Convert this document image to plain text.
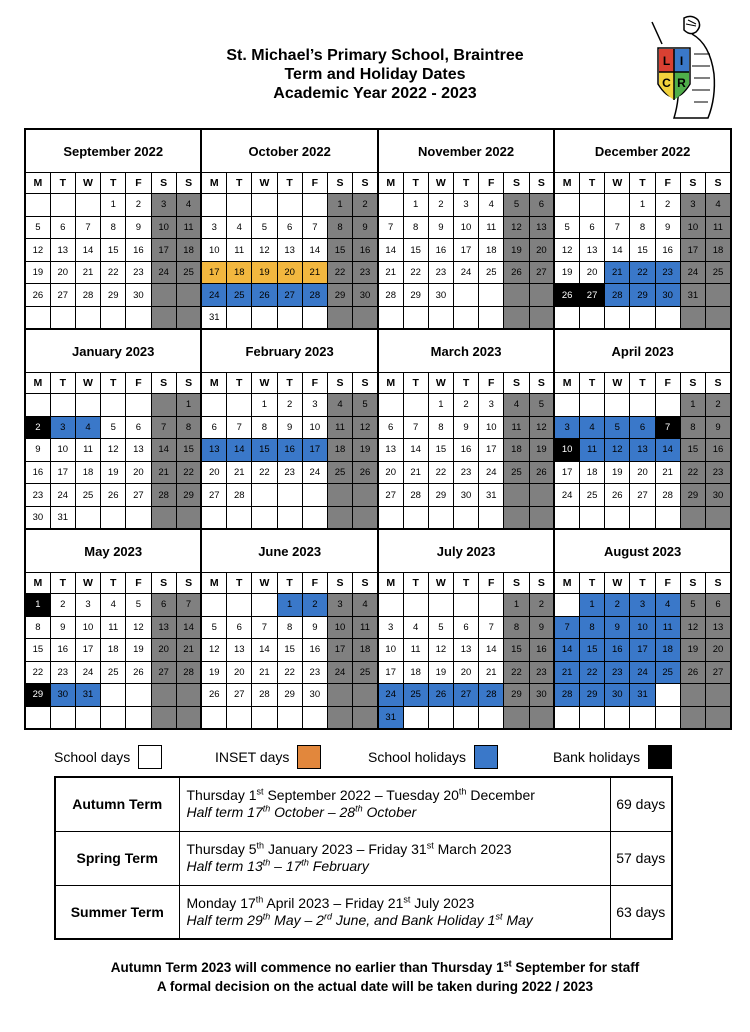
St. Michael’s Primary School, Braintree
Term and Holiday Dates
Academic Year 2022 - 2023
L I
C R
September 2022							October 2022							November 2022							December 2022						
M	T	W	T	F	S	S	M	T	W	T	F	S	S	M	T	W	T	F	S	S	M	T	W	T	F	S	S
			1	2	3	4						1	2		1	2	3	4	5	6				1	2	3	4
5	6	7	8	9	10	11	3	4	5	6	7	8	9	7	8	9	10	11	12	13	5	6	7	8	9	10	11
12	13	14	15	16	17	18	10	11	12	13	14	15	16	14	15	16	17	18	19	20	12	13	14	15	16	17	18
19	20	21	22	23	24	25	17	18	19	20	21	22	23	21	22	23	24	25	26	27	19	20	21	22	23	24	25
26	27	28	29	30			24	25	26	27	28	29	30	28	29	30					26	27	28	29	30	31	
							31																				
January 2023							February 2023							March 2023							April 2023						
M	T	W	T	F	S	S	M	T	W	T	F	S	S	M	T	W	T	F	S	S	M	T	W	T	F	S	S
						1			1	2	3	4	5			1	2	3	4	5						1	2
2	3	4	5	6	7	8	6	7	8	9	10	11	12	6	7	8	9	10	11	12	3	4	5	6	7	8	9
9	10	11	12	13	14	15	13	14	15	16	17	18	19	13	14	15	16	17	18	19	10	11	12	13	14	15	16
16	17	18	19	20	21	22	20	21	22	23	24	25	26	20	21	22	23	24	25	26	17	18	19	20	21	22	23
23	24	25	26	27	28	29	27	28						27	28	29	30	31			24	25	26	27	28	29	30
30	31																										
May 2023							June 2023							July 2023							August 2023						
M	T	W	T	F	S	S	M	T	W	T	F	S	S	M	T	W	T	F	S	S	M	T	W	T	F	S	S
1	2	3	4	5	6	7				1	2	3	4						1	2		1	2	3	4	5	6
8	9	10	11	12	13	14	5	6	7	8	9	10	11	3	4	5	6	7	8	9	7	8	9	10	11	12	13
15	16	17	18	19	20	21	12	13	14	15	16	17	18	10	11	12	13	14	15	16	14	15	16	17	18	19	20
22	23	24	25	26	27	28	19	20	21	22	23	24	25	17	18	19	20	21	22	23	21	22	23	24	25	26	27
29	30	31					26	27	28	29	30			24	25	26	27	28	29	30	28	29	30	31			
														31													
School days	INSET days	School holidays	Bank holidays
Autumn Term	Thursday 1st September 2022 – Tuesday 20th December
Half term 17th October – 28th October	69 days
Spring Term	Thursday 5th January 2023 – Friday 31st March 2023
Half term 13th – 17th February	57 days
Summer Term	Monday 17th April 2023 – Friday 21st July 2023
Half term 29th May – 2rd June, and Bank Holiday 1st May	63 days
Autumn Term 2023 will commence no earlier than Thursday 1st September for staff
A formal decision on the actual date will be taken during 2022 / 2023
